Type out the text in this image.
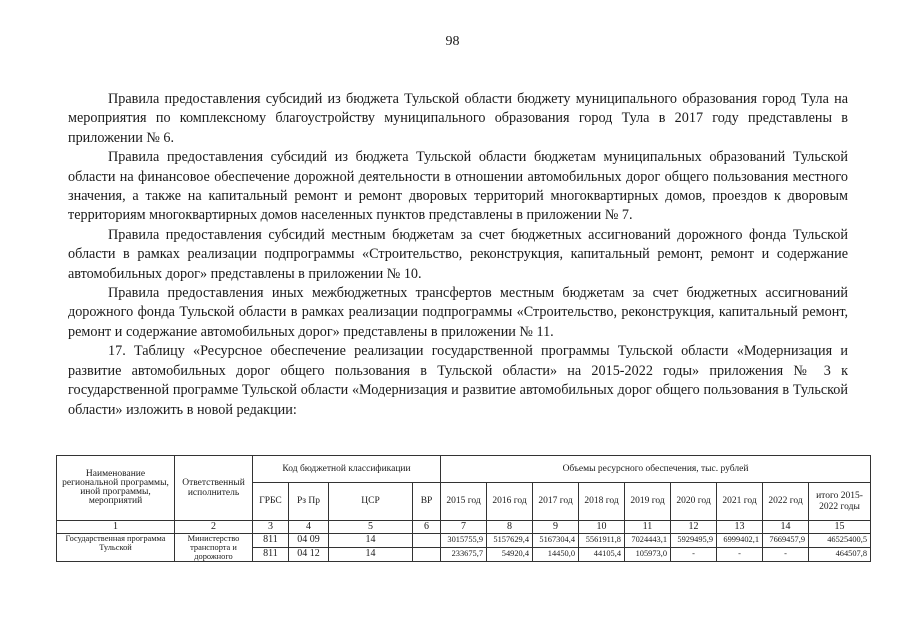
98

Правила предоставления субсидий из бюджета Тульской области бюджету муниципального образования город Тула на мероприятия по комплексному благоустройству муниципального образования город Тула в 2017 году представлены в приложении № 6.

Правила предоставления субсидий из бюджета Тульской области бюджетам муниципальных образований Тульской области на финансовое обеспечение дорожной деятельности в отношении автомобильных дорог общего пользования местного значения, а также на капитальный ремонт и ремонт дворовых территорий многоквартирных домов, проездов к дворовым территориям многоквартирных домов населенных пунктов представлены в приложении № 7.

Правила предоставления субсидий местным бюджетам за счет бюджетных ассигнований дорожного фонда Тульской области в рамках реализации подпрограммы «Строительство, реконструкция, капитальный ремонт, ремонт и содержание автомобильных дорог» представлены в приложении № 10.

Правила предоставления иных межбюджетных трансфертов местным бюджетам за счет бюджетных ассигнований дорожного фонда Тульской области в рамках реализации подпрограммы «Строительство, реконструкция, капитальный ремонт, ремонт и содержание автомобильных дорог» представлены в приложении № 11.

17. Таблицу «Ресурсное обеспечение реализации государственной программы Тульской области «Модернизация и развитие автомобильных дорог общего пользования в Тульской области» на 2015-2022 годы» приложения № 3 к государственной программе Тульской области «Модернизация и развитие автомобильных дорог общего пользования в Тульской области» изложить в новой редакции:

Наименование региональной программы, иной программы, мероприятий	Ответственный исполнитель	Код бюджетной классификации				Объемы ресурсного обеспечения, тыс. рублей								
		ГРБС	Рз Пр	ЦСР	ВР	2015 год	2016 год	2017 год	2018 год	2019 год	2020 год	2021 год	2022 год	итого 2015-2022 годы
1	2	3	4	5	6	7	8	9	10	11	12	13	14	15
Государственная программа Тульской	Министерство транспорта и дорожного	811	04 09	14		3015755,9	5157629,4	5167304,4	5561911,8	7024443,1	5929495,9	6999402,1	7669457,9	46525400,5
		811	04 12	14		233675,7	54920,4	14450,0	44105,4	105973,0	-	-	-	464507,8
